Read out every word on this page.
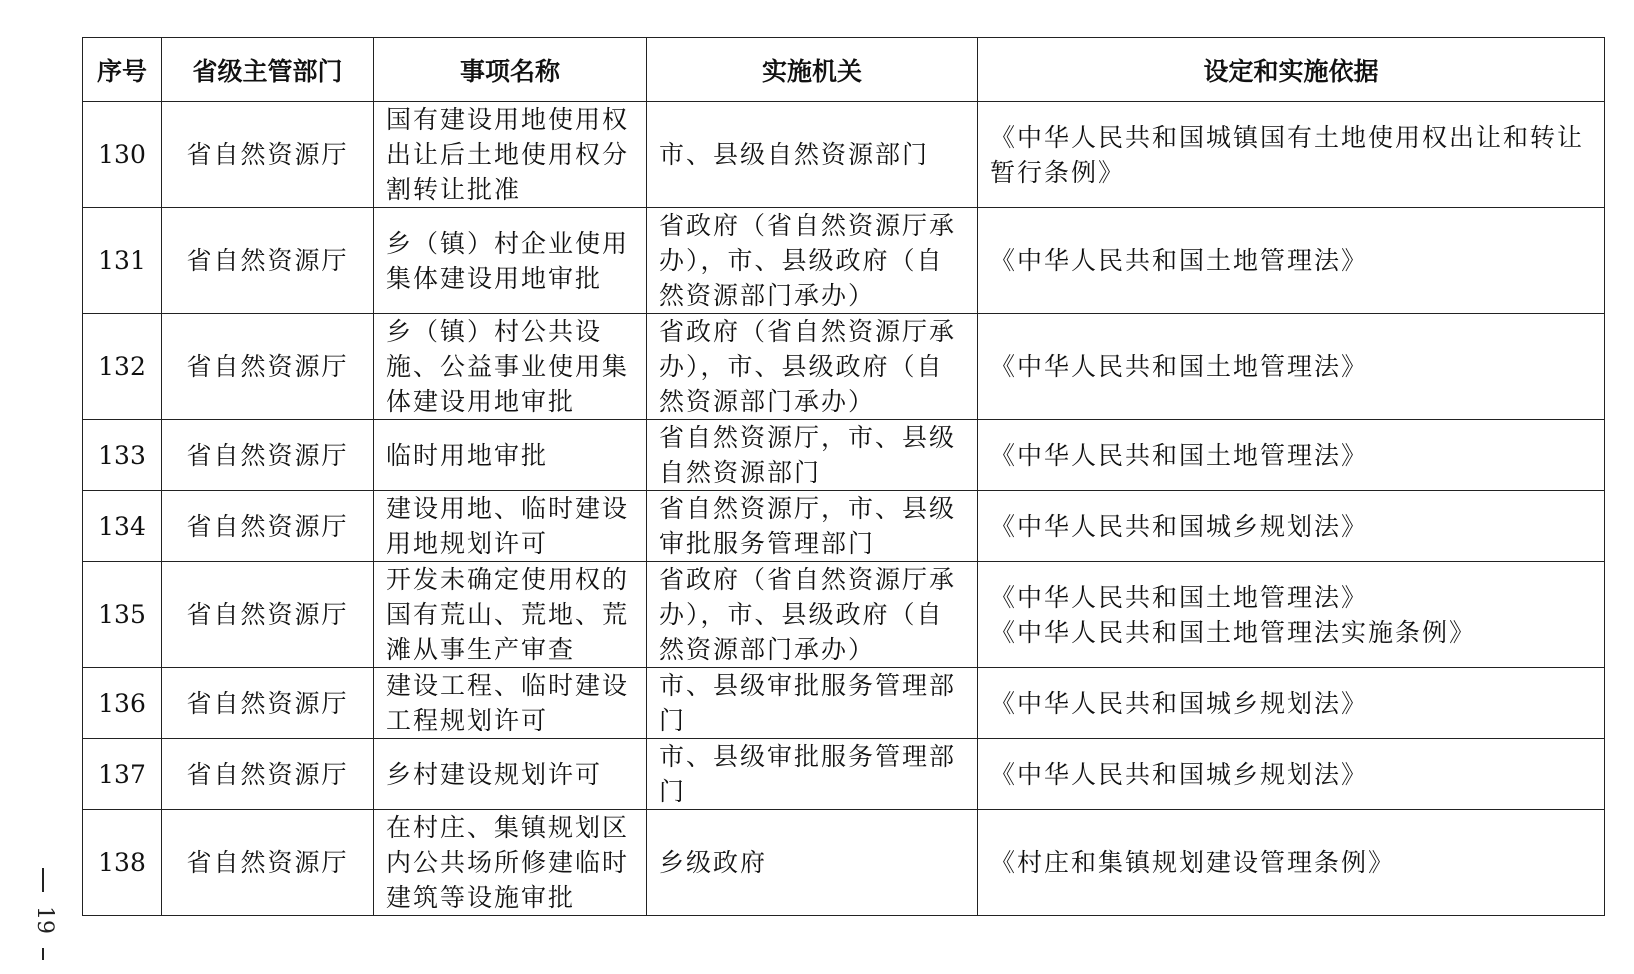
序号	省级主管部门	事项名称	实施机关	设定和实施依据
130	省自然资源厅	国有建设用地使用权出让后土地使用权分割转让批准	市、县级自然资源部门	《中华人民共和国城镇国有土地使用权出让和转让暂行条例》

131	省自然资源厅	乡（镇）村企业使用集体建设用地审批	省政府（省自然资源厅承办），市、县级政府（自然资源部门承办）	《中华人民共和国土地管理法》

132	省自然资源厅	乡（镇）村公共设施、公益事业使用集体建设用地审批	省政府（省自然资源厅承办），市、县级政府（自然资源部门承办）	《中华人民共和国土地管理法》

133	省自然资源厅	临时用地审批	省自然资源厅，市、县级自然资源部门	《中华人民共和国土地管理法》

134	省自然资源厅	建设用地、临时建设用地规划许可	省自然资源厅，市、县级审批服务管理部门	《中华人民共和国城乡规划法》

135	省自然资源厅	开发未确定使用权的国有荒山、荒地、荒滩从事生产审查	省政府（省自然资源厅承办），市、县级政府（自然资源部门承办）	《中华人民共和国土地管理法》
《中华人民共和国土地管理法实施条例》

136	省自然资源厅	建设工程、临时建设工程规划许可	市、县级审批服务管理部门	《中华人民共和国城乡规划法》

137	省自然资源厅	乡村建设规划许可	市、县级审批服务管理部门	《中华人民共和国城乡规划法》

138	省自然资源厅	在村庄、集镇规划区内公共场所修建临时建筑等设施审批	乡级政府	《村庄和集镇规划建设管理条例》
19
